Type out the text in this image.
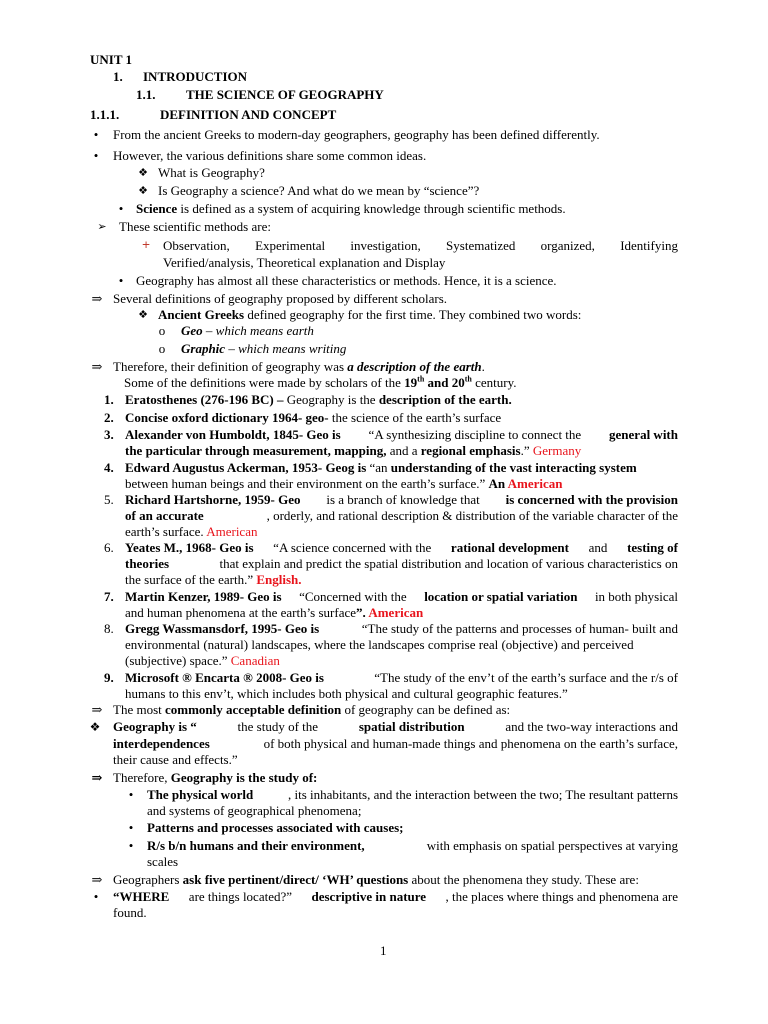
UNIT 1
1. INTRODUCTION
1.1. THE SCIENCE OF GEOGRAPHY
1.1.1.	DEFINITION AND CONCEPT
• From the ancient Greeks to modern-day geographers, geography has been defined differently.
• However, the various definitions share some common ideas.
❖ What is Geography?
❖ Is Geography a science? And what do we mean by “science”?
• Science is defined as a system of acquiring knowledge through scientific methods.
➢ These scientific methods are:
🞤 Observation, Experimental investigation, Systematized organized, Identifying
Verified/analysis, Theoretical explanation and Display
• Geography has almost all these characteristics or methods. Hence, it is a science.
⇒ Several definitions of geography proposed by different scholars.
❖ Ancient Greeks defined geography for the first time. They combined two words:
o Geo – which means earth
o Graphic – which means writing
⇒ Therefore, their definition of geography was a description of the earth.
Some of the definitions were made by scholars of the 19th and 20th century.
1. Eratosthenes (276-196 BC) – Geography is the description of the earth.
2. Concise oxford dictionary 1964- geo- the science of the earth’s surface
3. Alexander von Humboldt, 1845- Geo is “A synthesizing discipline to connect the general with
the particular through measurement, mapping, and a regional emphasis.” Germany
4. Edward Augustus Ackerman, 1953- Geog is “an understanding of the vast interacting system
between human beings and their environment on the earth’s surface.” An American
5. Richard Hartshorne, 1959- Geo is a branch of knowledge that is concerned with the provision
of an accurate	, orderly, and rational description & distribution of the variable character of the
earth’s surface. American
6. Yeates M., 1968- Geo is “A science concerned with the rational development and testing of
theories	that explain and predict the spatial distribution and location of various characteristics on
the surface of the earth.” English.
7. Martin Kenzer, 1989- Geo is “Concerned with the location or spatial variation in both physical
and human phenomena at the earth’s surface”. American
8. Gregg Wassmansdorf, 1995- Geo is	“The study of the patterns and processes of human- built and
environmental (natural) landscapes, where the landscapes comprise real (objective) and perceived
(subjective) space.” Canadian
9. Microsoft ® Encarta ® 2008- Geo is	“The study of the env’t of the earth’s surface and the r/s of
humans to this env’t, which includes both physical and cultural geographic features.”
⇒ The most commonly acceptable definition of geography can be defined as:
❖ Geography is “	the study of the	spatial distribution	and the two-way interactions and
interdependences	of both physical and human-made things and phenomena on the earth’s surface,
their cause and effects.”
⇒ Therefore, Geography is the study of:
• The physical world	, its inhabitants, and the interaction between the two; The resultant patterns
and systems of geographical phenomena;
• Patterns and processes associated with causes;
• R/s b/n humans and their environment,	with emphasis on spatial perspectives at varying
scales
⇒ Geographers ask five pertinent/direct/ ‘WH’ questions about the phenomena they study. These are:
• “WHERE are things located?” descriptive in nature , the places where things and phenomena are
found.
1
